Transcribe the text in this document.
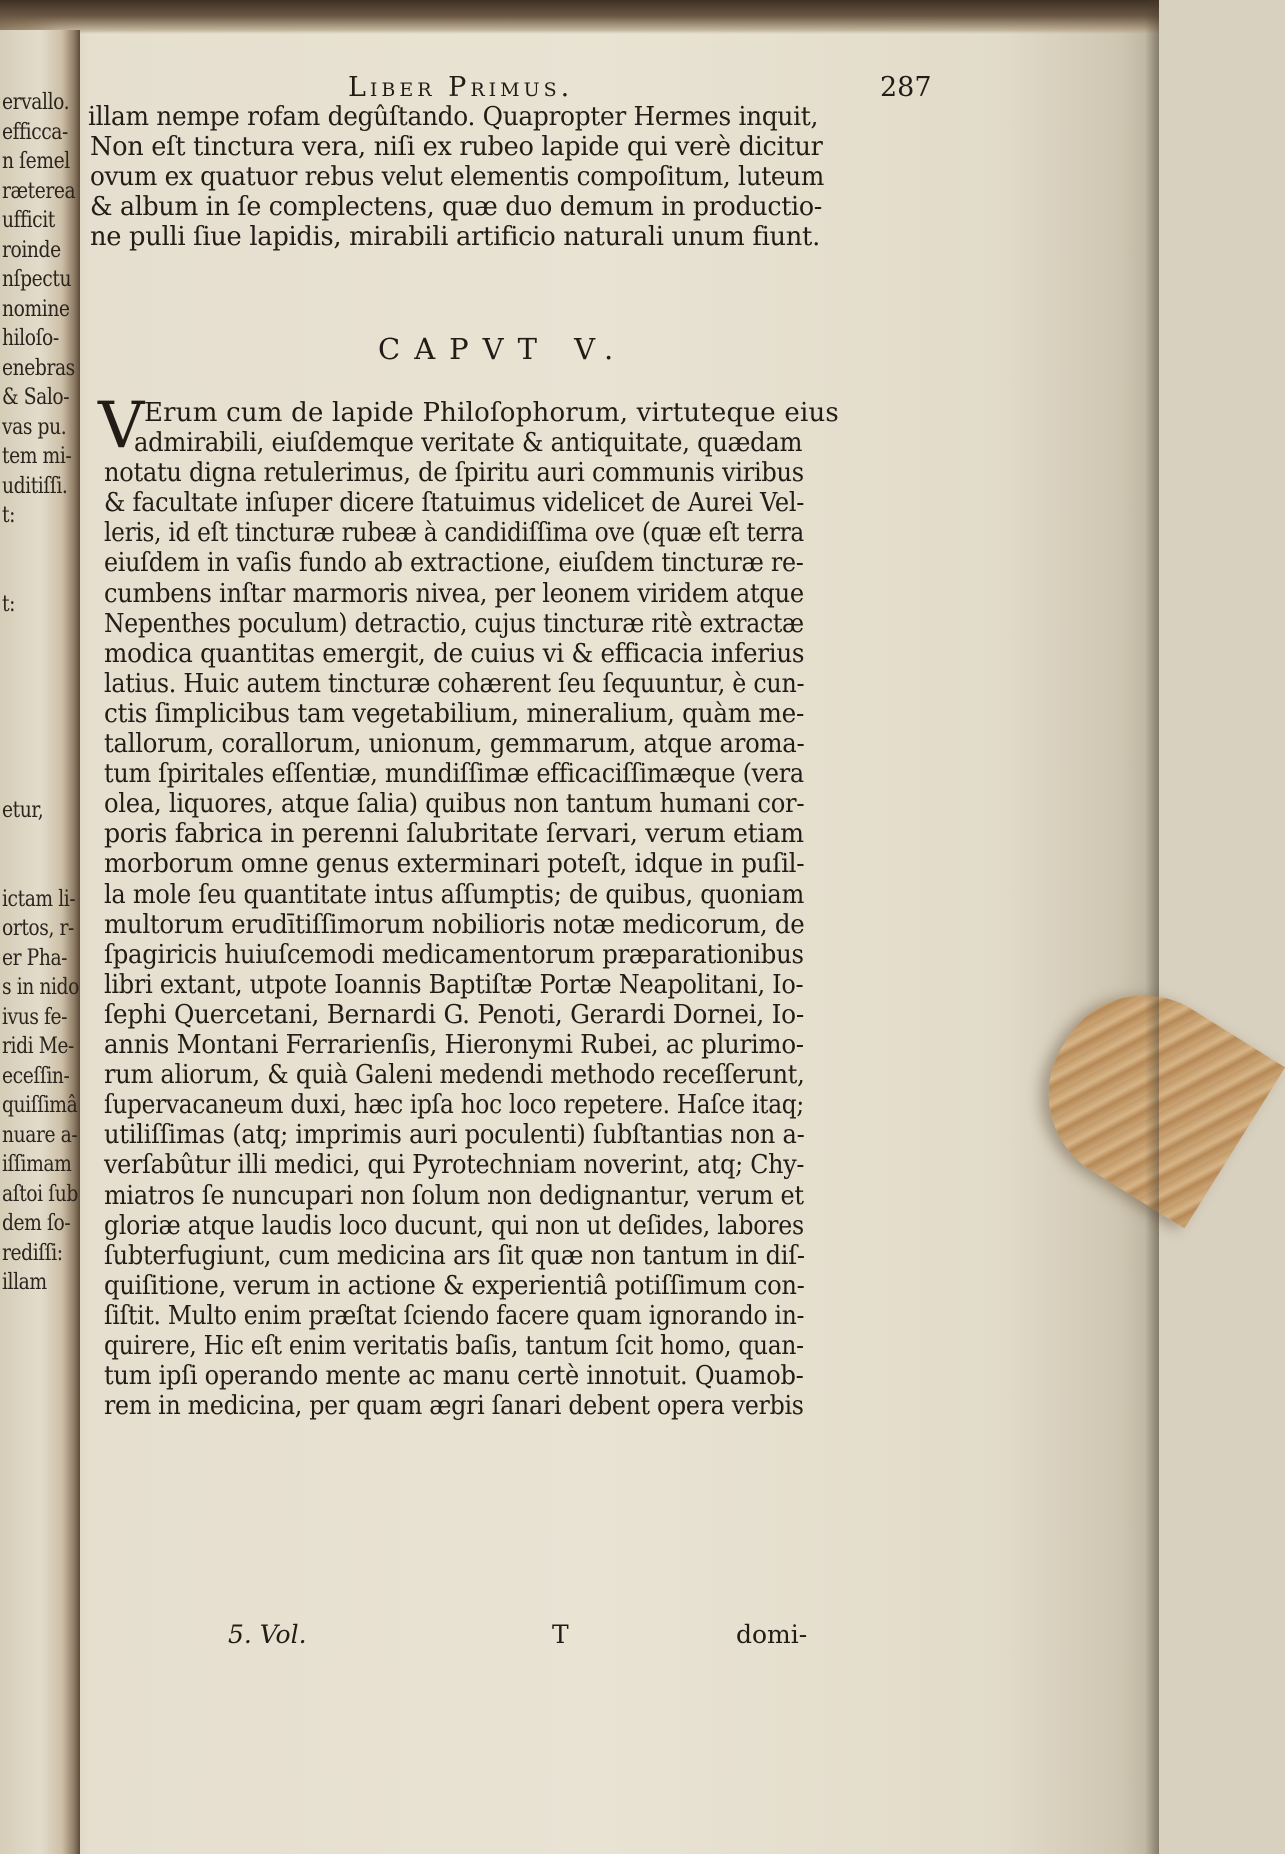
ervallo.
efficca-
n ſemel
ræterea
ufficit
roinde
nſpectu
nomine
hiloſo-
enebras
& Salo-
vas pu.
tem mi-
uditiſſi.
t:
t:
etur,
ictam li-
ortos, r-
er Pha-
s in nido
ivus fe-
ridi Me-
eceſſin-
quiſſimâ
nuare a-
iſſimam
aſtoi ſub
dem ſo-
rediſſi:
illam
Liber Primus.	287
illam nempe rofam degûſtando. Quapropter Hermes inquit,
Non eſt tinctura vera, niſi ex rubeo lapide qui verè dicitur
ovum ex quatuor rebus velut elementis compoſitum, luteum
& album in ſe complectens, quæ duo demum in productio-
ne pulli ſiue lapidis, mirabili artificio naturali unum fiunt.
CAPVT V.
V Erum cum de lapide Philoſophorum, virtuteque eius
admirabili, eiuſdemque veritate & antiquitate, quædam
notatu digna retulerimus, de ſpiritu auri communis viribus
& facultate inſuper dicere ſtatuimus videlicet de Aurei Vel-
leris, id eſt tincturæ rubeæ à candidiſſima ove (quæ eſt terra
eiuſdem in vaſis fundo ab extractione, eiuſdem tincturæ re-
cumbens inſtar marmoris nivea, per leonem viridem atque
Nepenthes poculum) detractio, cujus tincturæ ritè extractæ
modica quantitas emergit, de cuius vi & efficacia inferius
latius. Huic autem tincturæ cohærent ſeu ſequuntur, è cun-
ctis ſimplicibus tam vegetabilium, mineralium, quàm me-
tallorum, corallorum, unionum, gemmarum, atque aroma-
tum ſpiritales eſſentiæ, mundiſſimæ efficaciſſimæque (vera
olea, liquores, atque ſalia) quibus non tantum humani cor-
poris fabrica in perenni ſalubritate ſervari, verum etiam
morborum omne genus exterminari poteſt, idque in puſil-
la mole ſeu quantitate intus aſſumptis; de quibus, quoniam
multorum erudītiſſimorum nobilioris notæ medicorum, de
ſpagiricis huiuſcemodi medicamentorum præparationibus
libri extant, utpote Ioannis Baptiſtæ Portæ Neapolitani, Io-
ſephi Quercetani, Bernardi G. Penoti, Gerardi Dornei, Io-
annis Montani Ferrarienſis, Hieronymi Rubei, ac plurimo-
rum aliorum, & quià Galeni medendi methodo receſſerunt,
ſupervacaneum duxi, hæc ipſa hoc loco repetere. Haſce itaq;
utiliſſimas (atq; imprimis auri poculenti) ſubſtantias non a-
verſabûtur illi medici, qui Pyrotechniam noverint, atq; Chy-
miatros ſe nuncupari non ſolum non dedignantur, verum et
gloriæ atque laudis loco ducunt, qui non ut deſides, labores
ſubterfugiunt, cum medicina ars ſit quæ non tantum in diſ-
quiſitione, verum in actione & experientiâ potiſſimum con-
ſiſtit. Multo enim præſtat ſciendo facere quam ignorando in-
quirere, Hic eſt enim veritatis baſis, tantum ſcit homo, quan-
tum ipſi operando mente ac manu certè innotuit. Quamob-
rem in medicina, per quam ægri ſanari debent opera verbis
5. Vol.	T	domi-
